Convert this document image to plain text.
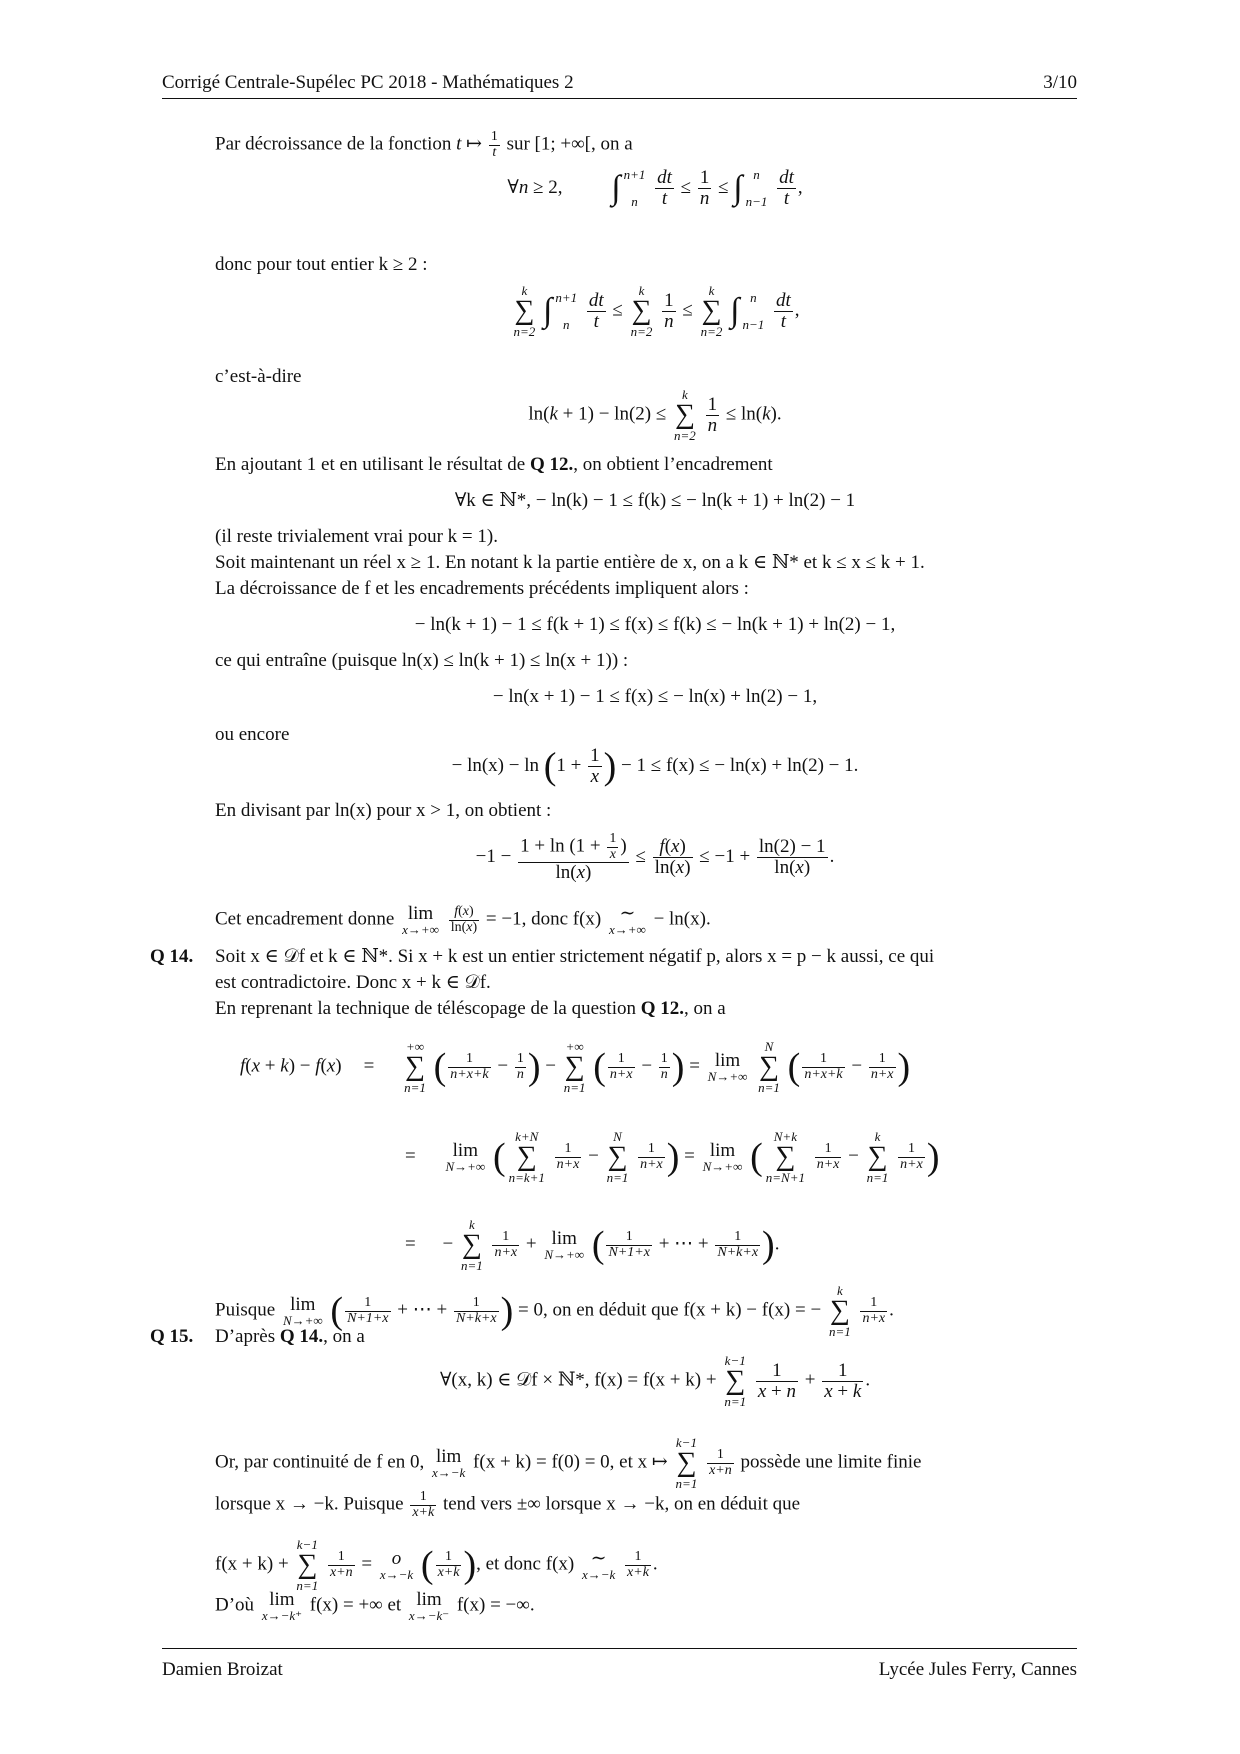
Corrigé Centrale-Supélec PC 2018 - Mathématiques 2	3/10
Par décroissance de la fonction t ↦ $\frac{1}{t}$ sur [1; +∞[, on a
∀n ≥ 2, ∫ n+1
n
$\frac{dt}{t} \le \frac{1}{n}$ ≤ ∫ n
n−1
$\frac{dt}{t}$ ,
donc pour tout entier k ≥ 2 :
k
∑
n=2
∫ n+1
n
$\frac{dt}{t}$ ≤
k
∑
n=2

$\frac{1}{n}$ ≤
k
∑
n=2
∫ n
n−1
$\frac{dt}{t}$ ,
c’est-à-dire
ln(k + 1) − ln(2) ≤
k
∑
n=2

$\frac{1}{n} \le \ln(k)$.
En ajoutant 1 et en utilisant le résultat de Q 12., on obtient l’encadrement
∀k ∈ ℕ*, − ln(k) − 1 ≤ f(k) ≤ − ln(k + 1) + ln(2) − 1
(il reste trivialement vrai pour k = 1).
Soit maintenant un réel x ≥ 1. En notant k la partie entière de x, on a k ∈ ℕ* et k ≤ x ≤ k + 1.
La décroissance de f et les encadrements précédents impliquent alors :
− ln(k + 1) − 1 ≤ f(k + 1) ≤ f(x) ≤ f(k) ≤ − ln(k + 1) + ln(2) − 1,
ce qui entraîne (puisque ln(x) ≤ ln(k + 1) ≤ ln(x + 1)) :
− ln(x + 1) − 1 ≤ f(x) ≤ − ln(x) + ln(2) − 1,
ou encore
− $\ln(x) - \ln (1 + \frac{1}{x}$ ) − 1 ≤ f(x) ≤ − ln(x) + ln(2) − 1.
En divisant par ln(x) pour x > 1, on obtient :
$-1 - \frac{1 + \ln (1 + \frac{1}{x} )}{\ln(x)} \le \frac{f(x)}{\ln(x)} \le -1 + \frac{\ln(2) - 1}{\ln(x)}$ .
Cet encadrement donne lim
x→+∞
$\frac{f(x)}{\ln(x)} = -1$, donc f(x) ∼
x→+∞
− ln(x).
Q 14. Soit x ∈ 𝒟f et k ∈ ℕ*. Si x + k est un entier strictement négatif p, alors x = p − k aussi, ce qui
est contradictoire. Donc x + k ∈ 𝒟f.
En reprenant la technique de téléscopage de la question Q 12., on a
f(x + k) − f(x) =
+∞
∑
n=1 ( $\frac{1}{n+x+k} - \frac{1}{n}$ ) −
+∞
∑
n=1 ( $\frac{1}{n+x} - \frac{1}{n}$ ) = lim
N→+∞

N
∑
n=1 ( $\frac{1}{n+x+k} - \frac{1}{n+x}$ )
=	lim
N→+∞ ( k+N
∑
n=k+1

$\frac{1}{n+x}$ −
N
∑
n=1

$\frac{1}{n+x}$ ) = lim
N→+∞ ( N+k
∑
n=N+1

$\frac{1}{n+x}$ −
k
∑
n=1

$\frac{1}{n+x}$ )
= −
k
∑
n=1

$\frac{1}{n+x} + \lim$
N→+∞ ( $\frac{1}{N+1+x}$ + ⋯ + $\frac{1}{N+k+x}$ ).
Puisque lim
N→+∞ ( $\frac{1}{N+1+x}$ + ⋯ + $\frac{1}{N+k+x}$ ) = 0, on en déduit que f(x + k) − f(x) = −
k
∑
n=1

$\frac{1}{n+x}$ .
Q 15. D’après Q 14., on a
∀(x, k) ∈ 𝒟f × ℕ*, f(x) = f(x + k) +
k−1
∑
n=1

$\frac{1}{x + n} + \frac{1}{x + k}$ .
Or, par continuité de f en 0, lim
x→−k
f(x + k) = f(0) = 0, et x ↦
k−1
∑
n=1

$\frac{1}{x+n}$ possède une limite finie
lorsque x → −k. Puisque $\frac{1}{x+k}$ tend vers ±∞ lorsque x → −k, on en déduit que
f(x + k) +
k−1
∑
n=1

$\frac{1}{x+n} = o$
x→−k ( $\frac{1}{x+k}$ ), et donc f(x) ∼
x→−k
$\frac{1}{x+k}$ .
D’où lim
x→−k⁺
f(x) = +∞ et lim
x→−k⁻
f(x) = −∞.
Damien Broizat	Lycée Jules Ferry, Cannes
